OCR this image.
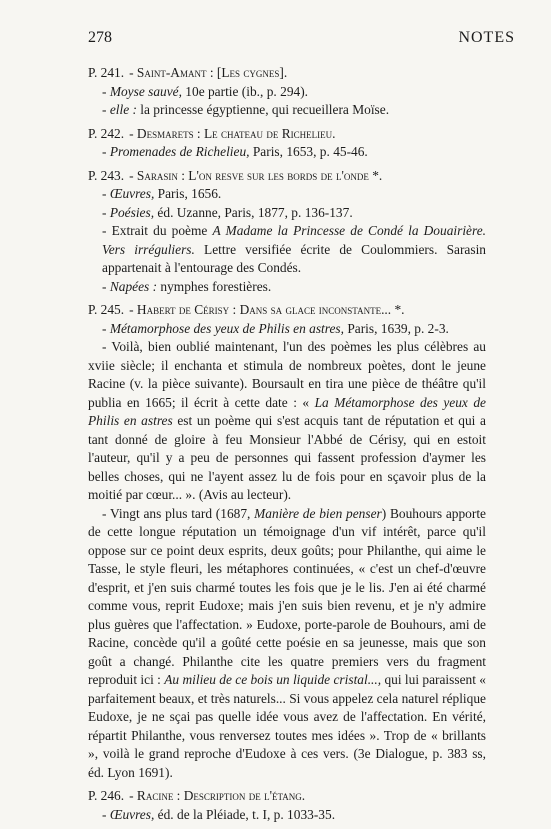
278	NOTES
P. 241. - Saint-Amant : [Les cygnes].
- Moyse sauvé, 10e partie (ib., p. 294).
- elle : la princesse égyptienne, qui recueillera Moïse.
P. 242. - Desmarets : Le chateau de Richelieu.
- Promenades de Richelieu, Paris, 1653, p. 45-46.
P. 243. - Sarasin : L'on resve sur les bords de l'onde *.
- Œuvres, Paris, 1656.
- Poésies, éd. Uzanne, Paris, 1877, p. 136-137.
- Extrait du poème A Madame la Princesse de Condé la Douairière. Vers irréguliers. Lettre versifiée écrite de Coulommiers. Sarasin appartenait à l'entourage des Condés.
- Napées : nymphes forestières.
P. 245. - Habert de Cérisy : Dans sa glace inconstante... *.
- Métamorphose des yeux de Philis en astres, Paris, 1639, p. 2-3.

- Voilà, bien oublié maintenant, l'un des poèmes les plus célèbres au xviie siècle; il enchanta et stimula de nombreux poètes, dont le jeune Racine (v. la pièce suivante). Boursault en tira une pièce de théâtre qu'il publia en 1665; il écrit à cette date : « La Métamorphose des yeux de Philis en astres est un poème qui s'est acquis tant de réputation et qui a tant donné de gloire à feu Monsieur l'Abbé de Cérisy, qui en estoit l'auteur, qu'il y a peu de personnes qui fassent profession d'aymer les belles choses, qui ne l'ayent assez lu de fois pour en sçavoir plus de la moitié par cœur... ». (Avis au lecteur).

- Vingt ans plus tard (1687, Manière de bien penser) Bouhours apporte de cette longue réputation un témoignage d'un vif intérêt, parce qu'il oppose sur ce point deux esprits, deux goûts; pour Philanthe, qui aime le Tasse, le style fleuri, les métaphores continuées, « c'est un chef-d'œuvre d'esprit, et j'en suis charmé toutes les fois que je le lis. J'en ai été charmé comme vous, reprit Eudoxe; mais j'en suis bien revenu, et je n'y admire plus guères que l'affectation. » Eudoxe, porte-parole de Bouhours, ami de Racine, concède qu'il a goûté cette poésie en sa jeunesse, mais que son goût a changé. Philanthe cite les quatre premiers vers du fragment reproduit ici : Au milieu de ce bois un liquide cristal..., qui lui paraissent « parfaitement beaux, et très naturels... Si vous appelez cela naturel réplique Eudoxe, je ne sçai pas quelle idée vous avez de l'affectation. En vérité, répartit Philanthe, vous renversez toutes mes idées ». Trop de « brillants », voilà le grand reproche d'Eudoxe à ces vers. (3e Dialogue, p. 383 ss, éd. Lyon 1691).

P. 246. - Racine : Description de l'étang.
- Œuvres, éd. de la Pléiade, t. I, p. 1033-35.
